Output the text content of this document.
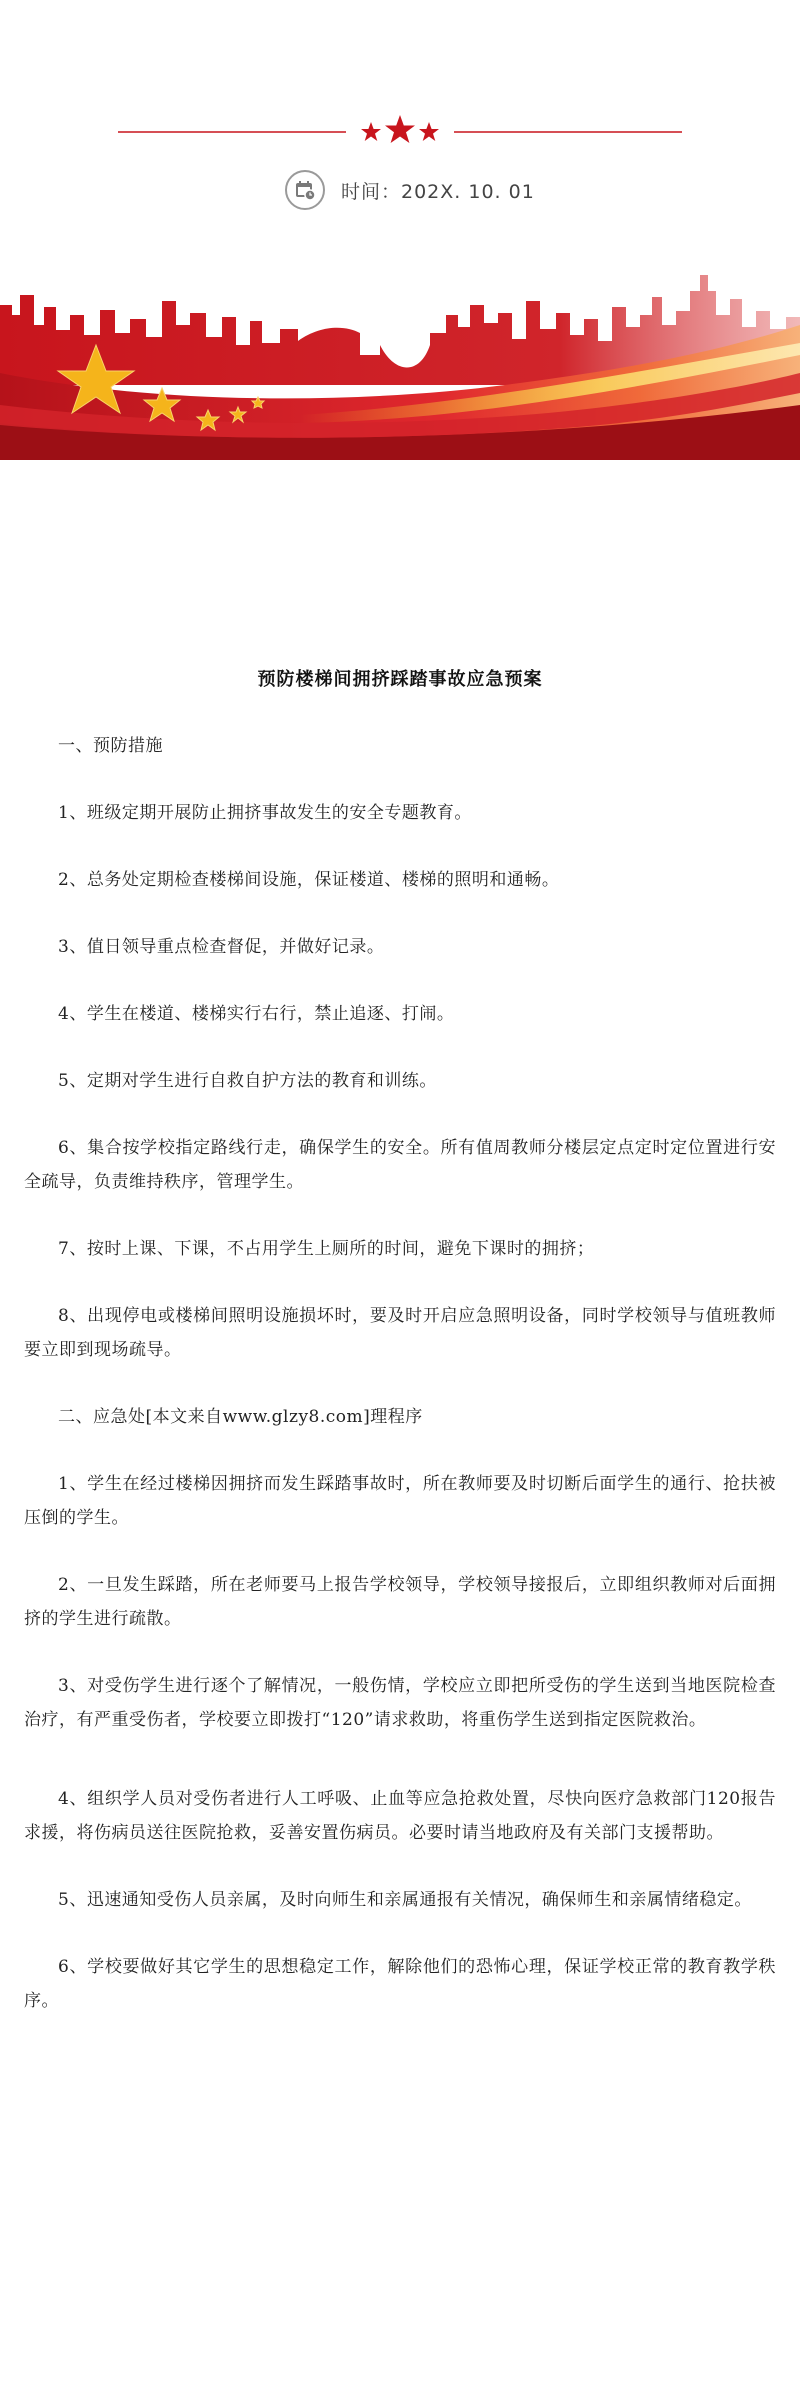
时间：202X. 10. 01
预防楼梯间拥挤踩踏事故应急预案

一、预防措施

1、班级定期开展防止拥挤事故发生的安全专题教育。

2、总务处定期检查楼梯间设施，保证楼道、楼梯的照明和通畅。

3、值日领导重点检查督促，并做好记录。

4、学生在楼道、楼梯实行右行，禁止追逐、打闹。

5、定期对学生进行自救自护方法的教育和训练。

6、集合按学校指定路线行走，确保学生的安全。所有值周教师分楼层定点定时定位置进行安全疏导，负责维持秩序，管理学生。

7、按时上课、下课，不占用学生上厕所的时间，避免下课时的拥挤；

8、出现停电或楼梯间照明设施损坏时，要及时开启应急照明设备，同时学校领导与值班教师要立即到现场疏导。

二、应急处[本文来自www.glzy8.com]理程序

1、学生在经过楼梯因拥挤而发生踩踏事故时，所在教师要及时切断后面学生的通行、抢扶被压倒的学生。

2、一旦发生踩踏，所在老师要马上报告学校领导，学校领导接报后，立即组织教师对后面拥挤的学生进行疏散。

3、对受伤学生进行逐个了解情况，一般伤情，学校应立即把所受伤的学生送到当地医院检查治疗，有严重受伤者，学校要立即拨打“120”请求救助，将重伤学生送到指定医院救治。

4、组织学人员对受伤者进行人工呼吸、止血等应急抢救处置，尽快向医疗急救部门120报告求援，将伤病员送往医院抢救，妥善安置伤病员。必要时请当地政府及有关部门支援帮助。

5、迅速通知受伤人员亲属，及时向师生和亲属通报有关情况，确保师生和亲属情绪稳定。

6、学校要做好其它学生的思想稳定工作，解除他们的恐怖心理，保证学校正常的教育教学秩序。
